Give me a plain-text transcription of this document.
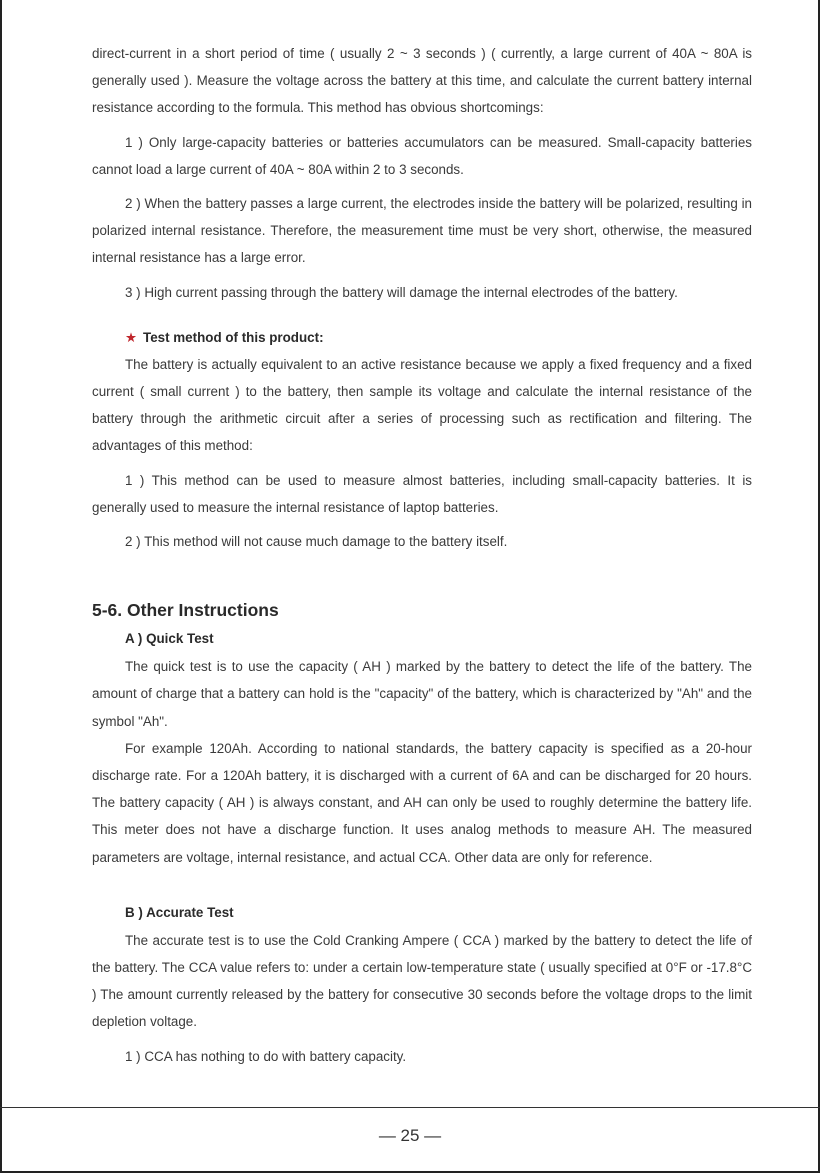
direct-current in a short period of time ( usually 2 ~ 3 seconds ) ( currently, a large current of 40A ~ 80A is generally used ). Measure the voltage across the battery at this time, and calculate the current battery internal resistance according to the formula. This method has obvious shortcomings:

1 ) Only large-capacity batteries or batteries accumulators can be measured. Small-capacity batteries cannot load a large current of 40A ~ 80A within 2 to 3 seconds.

2 ) When the battery passes a large current, the electrodes inside the battery will be polarized, resulting in polarized internal resistance. Therefore, the measurement time must be very short, otherwise, the measured internal resistance has a large error.

3 ) High current passing through the battery will damage the internal electrodes of the battery.

★ Test method of this product:

The battery is actually equivalent to an active resistance because we apply a fixed frequency and a fixed current ( small current ) to the battery, then sample its voltage and calculate the internal resistance of the battery through the arithmetic circuit after a series of processing such as rectification and filtering. The advantages of this method:

1 ) This method can be used to measure almost batteries, including small-capacity batteries. It is generally used to measure the internal resistance of laptop batteries.

2 ) This method will not cause much damage to the battery itself.

5-6. Other Instructions
A ) Quick Test

The quick test is to use the capacity ( AH ) marked by the battery to detect the life of the battery. The amount of charge that a battery can hold is the "capacity" of the battery, which is characterized by "Ah" and the symbol "Ah".

For example 120Ah. According to national standards, the battery capacity is specified as a 20-hour discharge rate. For a 120Ah battery, it is discharged with a current of 6A and can be discharged for 20 hours. The battery capacity ( AH ) is always constant, and AH can only be used to roughly determine the battery life. This meter does not have a discharge function. It uses analog methods to measure AH. The measured parameters are voltage, internal resistance, and actual CCA. Other data are only for reference.

B ) Accurate Test

The accurate test is to use the Cold Cranking Ampere ( CCA ) marked by the battery to detect the life of the battery. The CCA value refers to: under a certain low-temperature state ( usually specified at 0°F or -17.8°C ) The amount currently released by the battery for consecutive 30 seconds before the voltage drops to the limit depletion voltage.

1 ) CCA has nothing to do with battery capacity.

— 25 —
